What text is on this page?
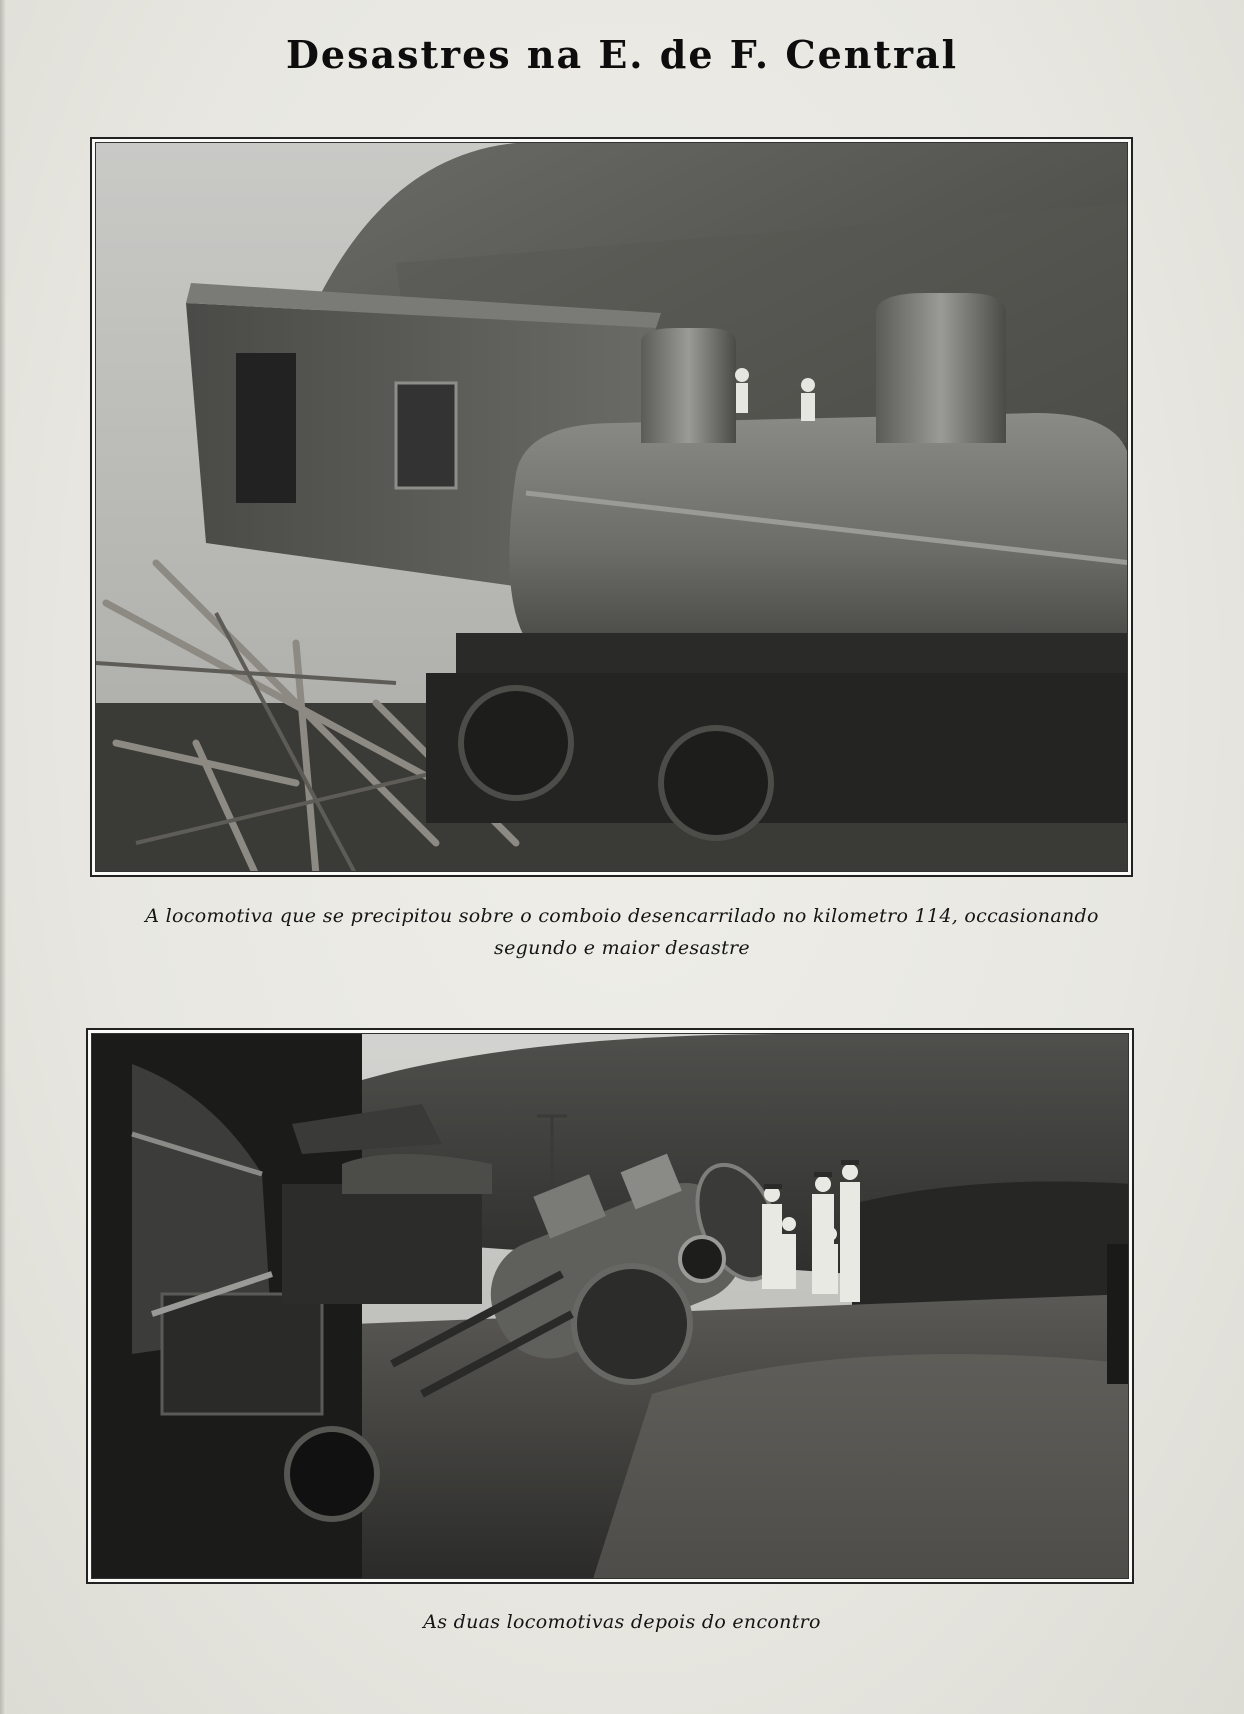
Desastres na E. de F. Central
A locomotiva que se precipitou sobre o comboio desencarrilado no kilometro 114, occasionando segundo e maior desastre
As duas locomotivas depois do encontro
